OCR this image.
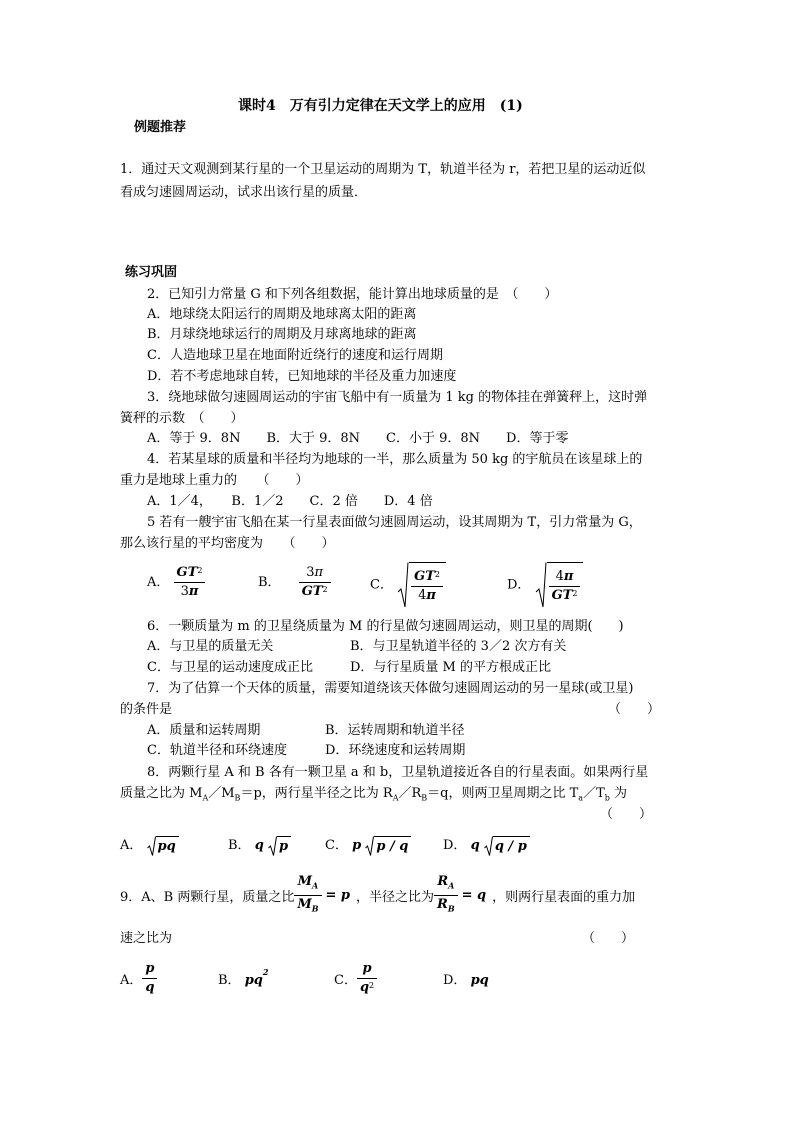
课时4　万有引力定律在天文学上的应用　(1)
例题推荐
1．通过天文观测到某行星的一个卫星运动的周期为 T，轨道半径为 r，若把卫星的运动近似
看成匀速圆周运动，试求出该行星的质量．
练习巩固
2．已知引力常量 G 和下列各组数据，能计算出地球质量的是　（　　）
A．地球绕太阳运行的周期及地球离太阳的距离
B．月球绕地球运行的周期及月球离地球的距离
C．人造地球卫星在地面附近绕行的速度和运行周期
D．若不考虑地球自转，已知地球的半径及重力加速度
3．绕地球做匀速圆周运动的宇宙飞船中有一质量为 1 kg 的物体挂在弹簧秤上，这时弹
簧秤的示数　（　　）
A．等于 9．8N　　B．大于 9．8N　　C．小于 9．8N　　D．等于零
4．若某星球的质量和半径均为地球的一半，那么质量为 50 kg 的宇航员在该星球上的
重力是地球上重力的　　（　　）
A．1／4，　　B．1／2　　C．2 倍　　D．4 倍
5 若有一艘宇宙飞船在某一行星表面做匀速圆周运动，设其周期为 T，引力常量为 G，
那么该行星的平均密度为　　（　　）
A． $\frac{GT^2}{3\pi}$	B． $\frac{3\pi}{GT^2}$	C． $\frac{GT^2}{4\pi}$	D． $\frac{4\pi}{GT^2}$
6．一颗质量为 m 的卫星绕质量为 M 的行星做匀速圆周运动，则卫星的周期(　　)
A．与卫星的质量无关	B．与卫星轨道半径的 3／2 次方有关
C．与卫星的运动速度成正比	D．与行星质量 M 的平方根成正比
7．为了估算一个天体的质量，需要知道绕该天体做匀速圆周运动的另一星球(或卫星)
的条件是	（　　）
A．质量和运转周期	B．运转周期和轨道半径
C．轨道半径和环绕速度	D．环绕速度和运转周期
8．两颗行星 A 和 B 各有一颗卫星 a 和 b，卫星轨道接近各自的行星表面。如果两行星
质量之比为 $M_A/M_B=p$，两行星半径之比为 $R_A/R_B=q$，则两卫星周期之比 $T_a/T_b$ 为
（　　）
A． pq	B． q p	C． p p / q	D． q q / p
9．A、B 两颗行星，质量之比 $\frac{M_A}{M_B} = p$ ，半径之比为 $\frac{R_A}{R_B} = q$ ，则两行星表面的重力加
速之比为	（　　）
A． $\frac{p}{q}$	B． $pq^2$
C． $\frac{p}{q^2}$	D． pq
